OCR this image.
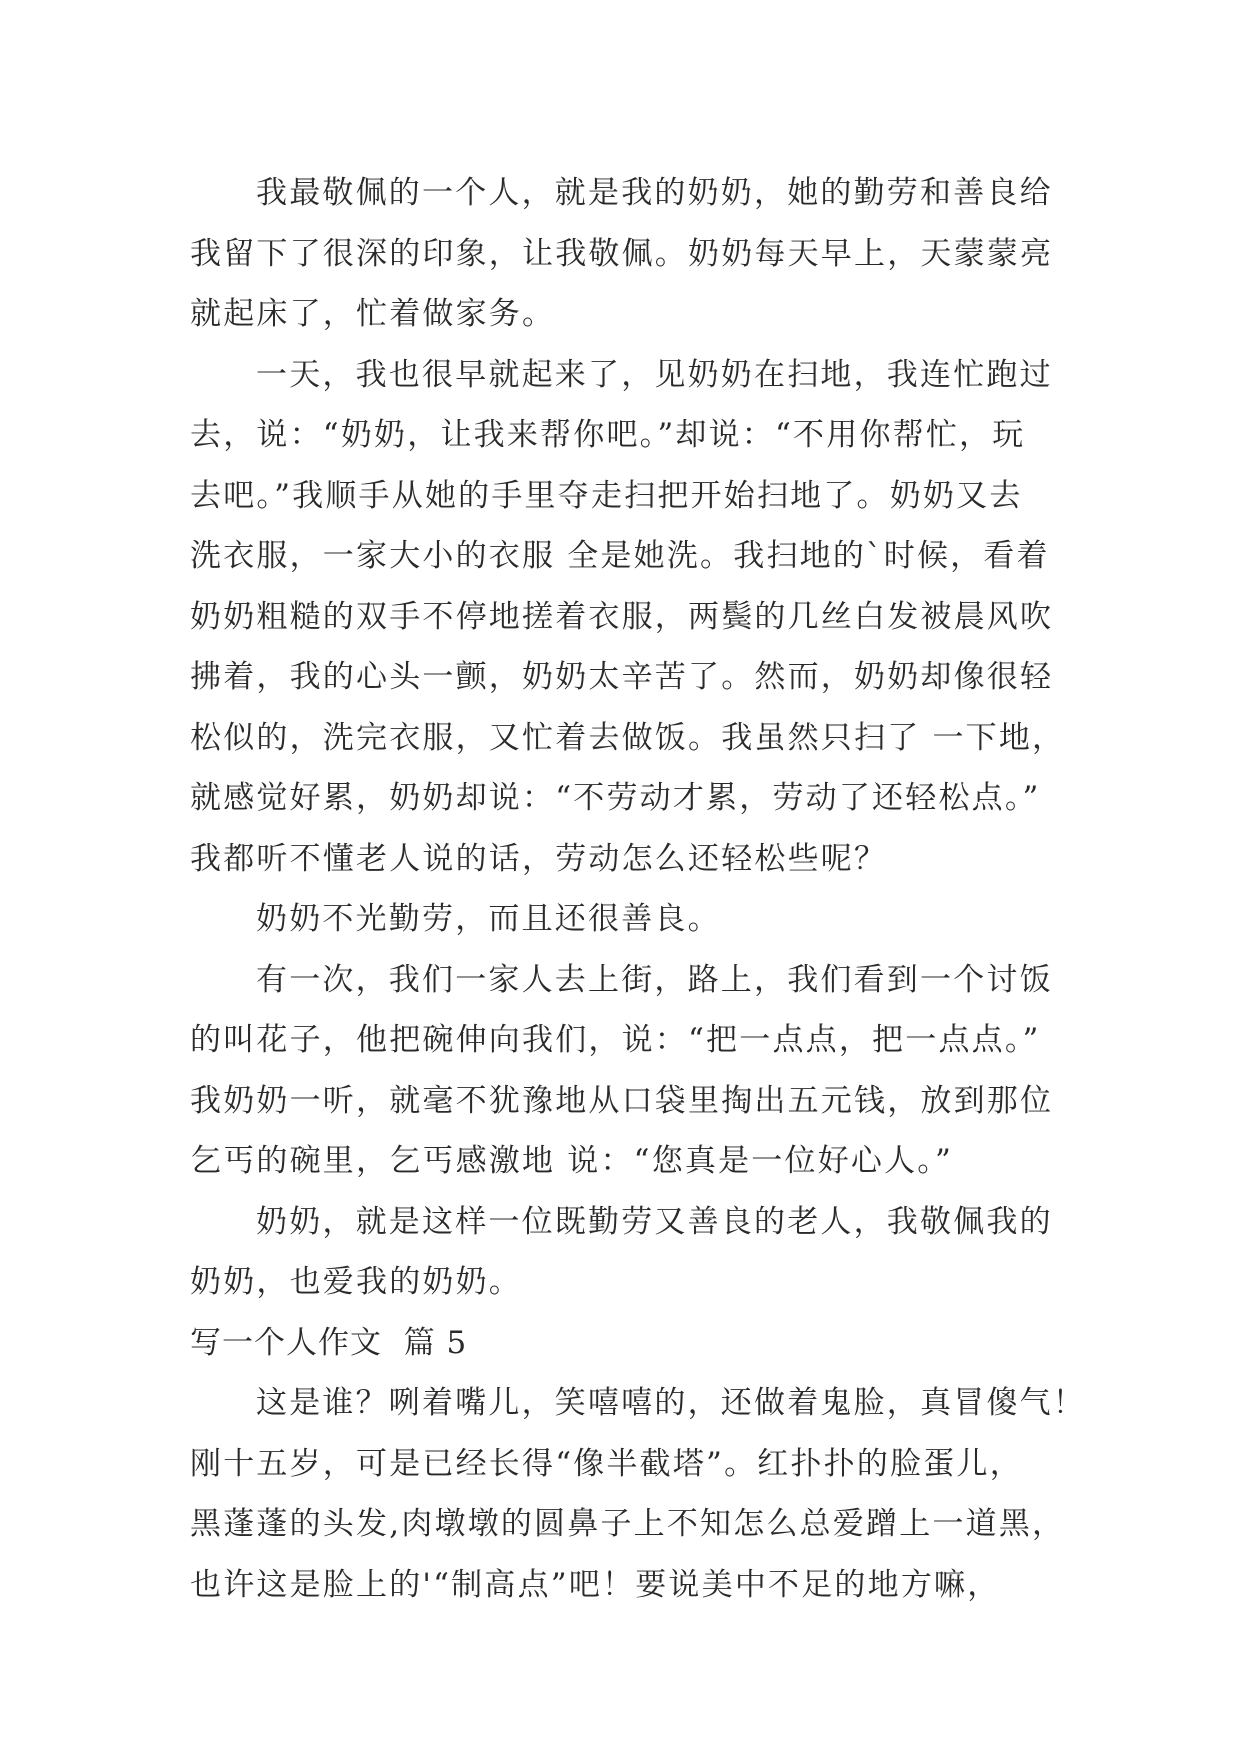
我最敬佩的一个人，就是我的奶奶，她的勤劳和善良给
我留下了很深的印象，让我敬佩。奶奶每天早上，天蒙蒙亮
就起床了，忙着做家务。
一天，我也很早就起来了，见奶奶在扫地，我连忙跑过
去，说：“奶奶，让我来帮你吧。”却说：“不用你帮忙，玩
去吧。”我顺手从她的手里夺走扫把开始扫地了。奶奶又去
洗衣服，一家大小的衣服 全是她洗。我扫地的`时候，看着
奶奶粗糙的双手不停地搓着衣服，两鬓的几丝白发被晨风吹
拂着，我的心头一颤，奶奶太辛苦了。然而，奶奶却像很轻
松似的，洗完衣服，又忙着去做饭。我虽然只扫了 一下地，
就感觉好累，奶奶却说：“不劳动才累，劳动了还轻松点。”
我都听不懂老人说的话，劳动怎么还轻松些呢？
奶奶不光勤劳，而且还很善良。
有一次，我们一家人去上街，路上，我们看到一个讨饭
的叫花子，他把碗伸向我们，说：“把一点点，把一点点。”
我奶奶一听，就毫不犹豫地从口袋里掏出五元钱，放到那位
乞丐的碗里，乞丐感激地 说：“您真是一位好心人。”
奶奶，就是这样一位既勤劳又善良的老人，我敬佩我的
奶奶，也爱我的奶奶。
写一个人作文  篇 5
这是谁？咧着嘴儿，笑嘻嘻的，还做着鬼脸，真冒傻气！
刚十五岁，可是已经长得“像半截塔”。红扑扑的脸蛋儿，
黑蓬蓬的头发,肉墩墩的圆鼻子上不知怎么总爱蹭上一道黑，
也许这是脸上的'“制高点”吧！要说美中不足的地方嘛，
